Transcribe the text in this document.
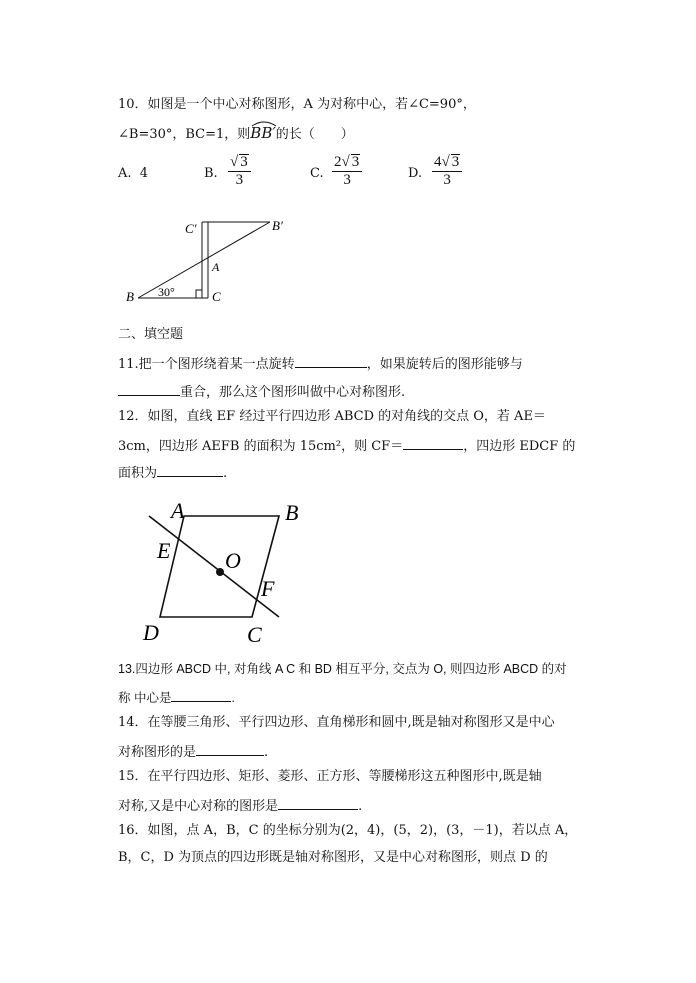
10．如图是一个中心对称图形，A 为对称中心，若∠C=90°，
∠B=30°，BC=1，则BB′
的长（　　）
A. 4	B. $\frac{√ 3}{3}$	C. $\frac{2√ 3}{3}$	D. $\frac{4√ 3}{3}$
C′	B′
A
B	C
30°
二、填空题
11.把一个图形绕着某一点旋转	，如果旋转后的图形能够与
重合，那么这个图形叫做中心对称图形.
12．如图，直线 EF 经过平行四边形 ABCD 的对角线的交点 O，若 AE＝
3cm，四边形 AEFB 的面积为 15cm²，则 CF＝	，四边形 EDCF 的
面积为	.
A	B
C
D
E
F
O
13.四边形 ABCD 中, 对角线 A C 和 BD 相互平分, 交点为 O, 则四边形 ABCD 的对
称 中心是	.
14．在等腰三角形、平行四边形、直角梯形和圆中,既是轴对称图形又是中心
对称图形的是	.
15．在平行四边形、矩形、菱形、正方形、等腰梯形这五种图形中,既是轴
对称,又是中心对称的图形是	.
16．如图，点 A，B，C 的坐标分别为(2，4)，(5，2)，(3，－1)，若以点 A，
B，C，D 为顶点的四边形既是轴对称图形，又是中心对称图形，则点 D 的
